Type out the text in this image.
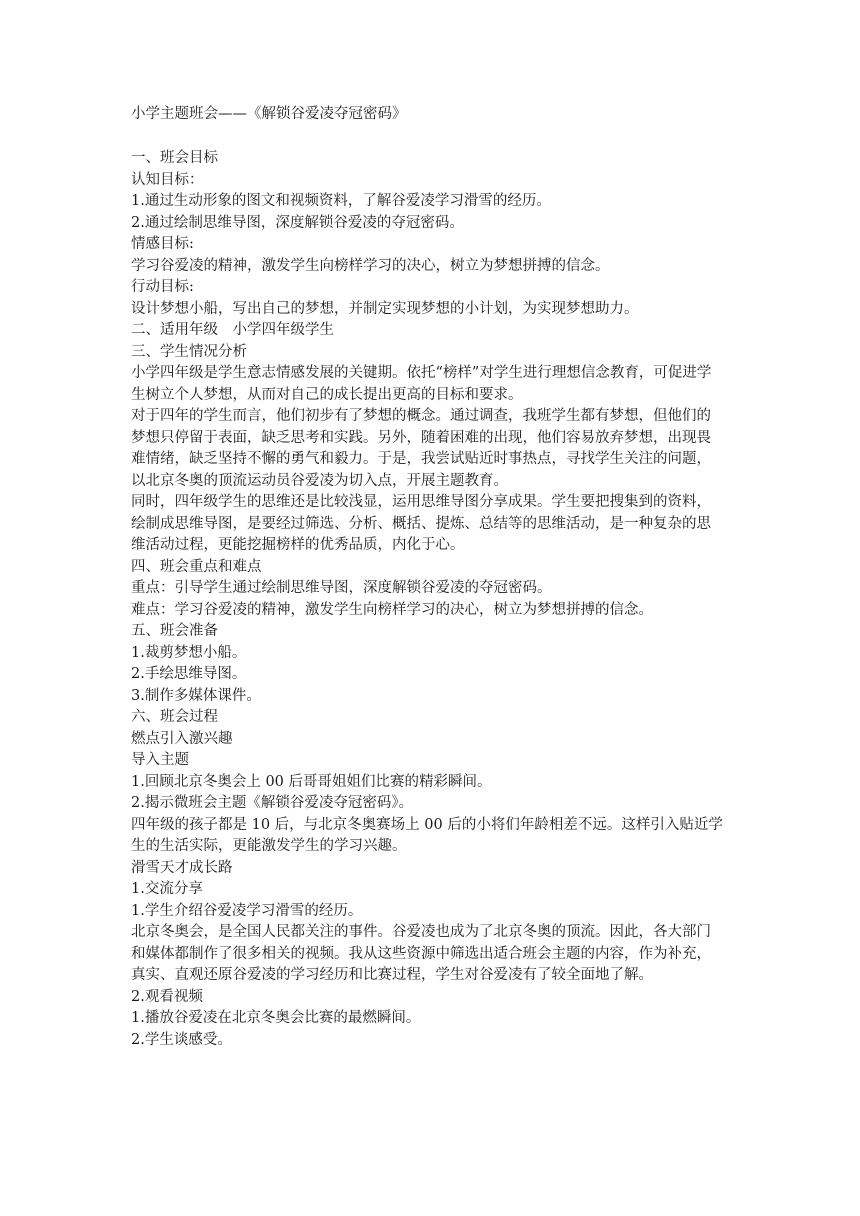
小学主题班会——《解锁谷爱凌夺冠密码》
一、班会目标
认知目标：
1.通过生动形象的图文和视频资料，了解谷爱凌学习滑雪的经历。
2.通过绘制思维导图，深度解锁谷爱凌的夺冠密码。
情感目标:
学习谷爱凌的精神，激发学生向榜样学习的决心，树立为梦想拼搏的信念。
行动目标:
设计梦想小船，写出自己的梦想，并制定实现梦想的小计划，为实现梦想助力。
二、适用年级　小学四年级学生
三、学生情况分析
小学四年级是学生意志情感发展的关键期。依托“榜样”对学生进行理想信念教育，可促进学
生树立个人梦想，从而对自己的成长提出更高的目标和要求。
对于四年的学生而言，他们初步有了梦想的概念。通过调查，我班学生都有梦想，但他们的
梦想只停留于表面，缺乏思考和实践。另外，随着困难的出现，他们容易放弃梦想，出现畏
难情绪，缺乏坚持不懈的勇气和毅力。于是，我尝试贴近时事热点，寻找学生关注的问题，
以北京冬奥的顶流运动员谷爱凌为切入点，开展主题教育。
同时，四年级学生的思维还是比较浅显，运用思维导图分享成果。学生要把搜集到的资料，
绘制成思维导图，是要经过筛选、分析、概括、提炼、总结等的思维活动，是一种复杂的思
维活动过程，更能挖掘榜样的优秀品质，内化于心。
四、班会重点和难点
重点：引导学生通过绘制思维导图，深度解锁谷爱凌的夺冠密码。
难点：学习谷爱凌的精神，激发学生向榜样学习的决心，树立为梦想拼搏的信念。
五、班会准备
1.裁剪梦想小船。
2.手绘思维导图。
3.制作多媒体课件。
六、班会过程
燃点引入激兴趣
导入主题
1.回顾北京冬奥会上 00 后哥哥姐姐们比赛的精彩瞬间。
2.揭示微班会主题《解锁谷爱凌夺冠密码》。
四年级的孩子都是 10 后，与北京冬奥赛场上 00 后的小将们年龄相差不远。这样引入贴近学
生的生活实际，更能激发学生的学习兴趣。
滑雪天才成长路
1.交流分享
1.学生介绍谷爱凌学习滑雪的经历。
北京冬奥会，是全国人民都关注的事件。谷爱凌也成为了北京冬奥的顶流。因此，各大部门
和媒体都制作了很多相关的视频。我从这些资源中筛选出适合班会主题的内容，作为补充，
真实、直观还原谷爱凌的学习经历和比赛过程，学生对谷爱凌有了较全面地了解。
2.观看视频
1.播放谷爱凌在北京冬奥会比赛的最燃瞬间。
2.学生谈感受。
